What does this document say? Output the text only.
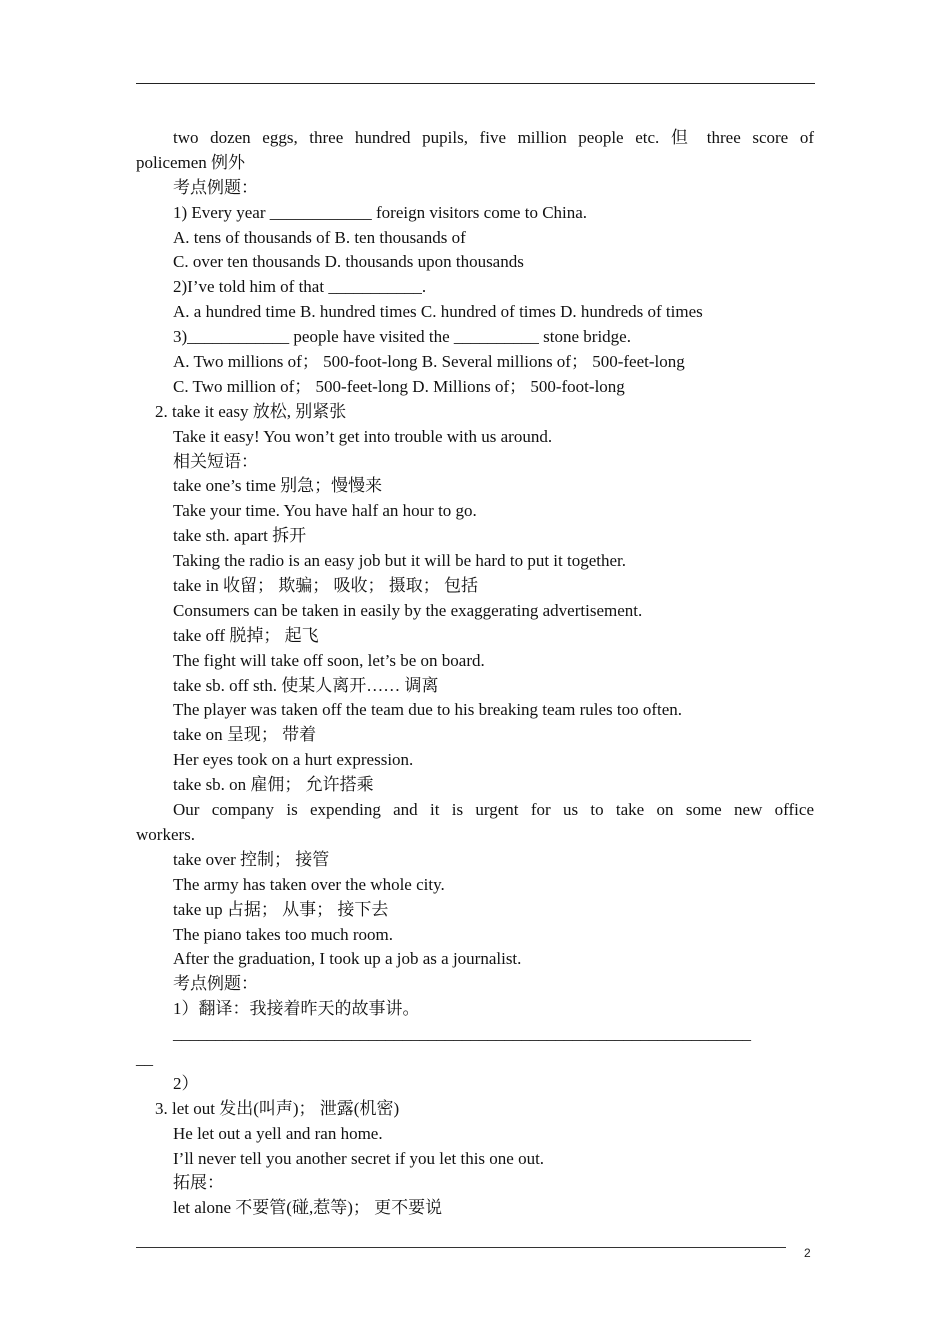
two dozen eggs, three hundred pupils, five million people etc. 但 three score of
policemen 例外
考点例题：
1) Every year ____________ foreign visitors come to China.
A. tens of thousands of B. ten thousands of
C. over ten thousands D. thousands upon thousands
2)I’ve told him of that ___________.
A. a hundred time B. hundred times C. hundred of times D. hundreds of times
3)____________ people have visited the __________ stone bridge.
A. Two millions of； 500-foot-long B. Several millions of； 500-feet-long
C. Two million of； 500-feet-long D. Millions of； 500-foot-long
2. take it easy 放松, 别紧张
Take it easy! You won’t get into trouble with us around.
相关短语：
take one’s time 别急；慢慢来
Take your time. You have half an hour to go.
take sth. apart 拆开
Taking the radio is an easy job but it will be hard to put it together.
take in 收留； 欺骗； 吸收； 摄取； 包括
Consumers can be taken in easily by the exaggerating advertisement.
take off 脱掉； 起飞
The fight will take off soon, let’s be on board.
take sb. off sth. 使某人离开…… 调离
The player was taken off the team due to his breaking team rules too often.
take on 呈现； 带着
Her eyes took on a hurt expression.
take sb. on 雇佣； 允许搭乘
Our company is expending and it is urgent for us to take on some new office
workers.
take over 控制； 接管
The army has taken over the whole city.
take up 占据； 从事； 接下去
The piano takes too much room.
After the graduation, I took up a job as a journalist.
考点例题：
1）翻译：我接着昨天的故事讲。
____________________________________________________________________
__
2）
3. let out 发出(叫声)； 泄露(机密)
He let out a yell and ran home.
I’ll never tell you another secret if you let this one out.
拓展：
let alone 不要管(碰,惹等)； 更不要说
2
